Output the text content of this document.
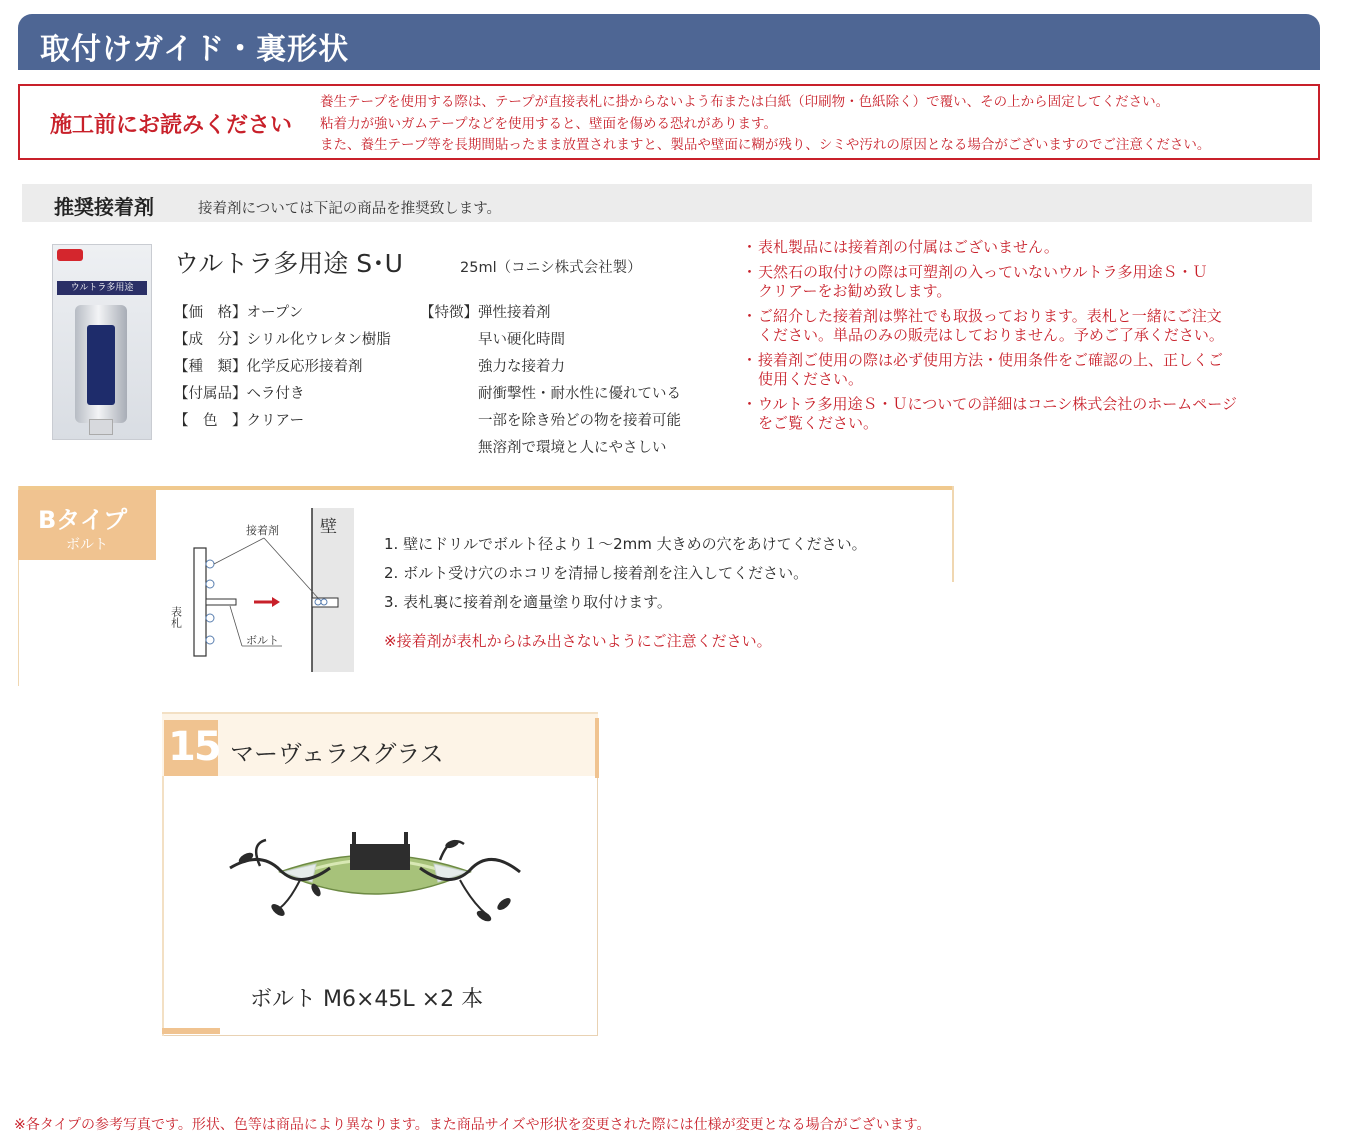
取付けガイド・裏形状
施工前にお読みください
養生テープを使用する際は、テープが直接表札に掛からないよう布または白紙（印刷物・色紙除く）で覆い、その上から固定してください。
粘着力が強いガムテープなどを使用すると、壁面を傷める恐れがあります。
また、養生テープ等を長期間貼ったまま放置されますと、製品や壁面に糊が残り、シミや汚れの原因となる場合がございますのでご注意ください。
推奨接着剤	接着剤については下記の商品を推奨致します。
ウルトラ多用途
ウルトラ多用途 S･U	25ml（コニシ株式会社製）
【価　格】オープン
【成　分】シリル化ウレタン樹脂
【種　類】化学反応形接着剤
【付属品】ヘラ付き
【　色　】クリアー
【特徴】 弾性接着剤
早い硬化時間
強力な接着力
耐衝撃性・耐水性に優れている
一部を除き殆どの物を接着可能
無溶剤で環境と人にやさしい
・ 表札製品には接着剤の付属はございません。
・ 天然石の取付けの際は可塑剤の入っていないウルトラ多用途Ｓ・Ｕ
クリアーをお勧め致します。
・ ご紹介した接着剤は弊社でも取扱っております。表札と一緒にご注文
ください。単品のみの販売はしておりません。予めご了承ください。
・ 接着剤ご使用の際は必ず使用方法・使用条件をご確認の上、正しくご
使用ください。
・ ウルトラ多用途Ｓ・Ｕについての詳細はコニシ株式会社のホームページ
をご覧ください。
Bタイプ
ボルト
接着剤 壁
表札
ボルト
1. 壁にドリルでボルト径より１～2mm 大きめの穴をあけてください。
2. ボルト受け穴のホコリを清掃し接着剤を注入してください。
3. 表札裏に接着剤を適量塗り取付けます。
※接着剤が表札からはみ出さないようにご注意ください。
15 マーヴェラスグラス
ボルト M6×45L ×2 本
※各タイプの参考写真です。形状、色等は商品により異なります。また商品サイズや形状を変更された際には仕様が変更となる場合がございます。
